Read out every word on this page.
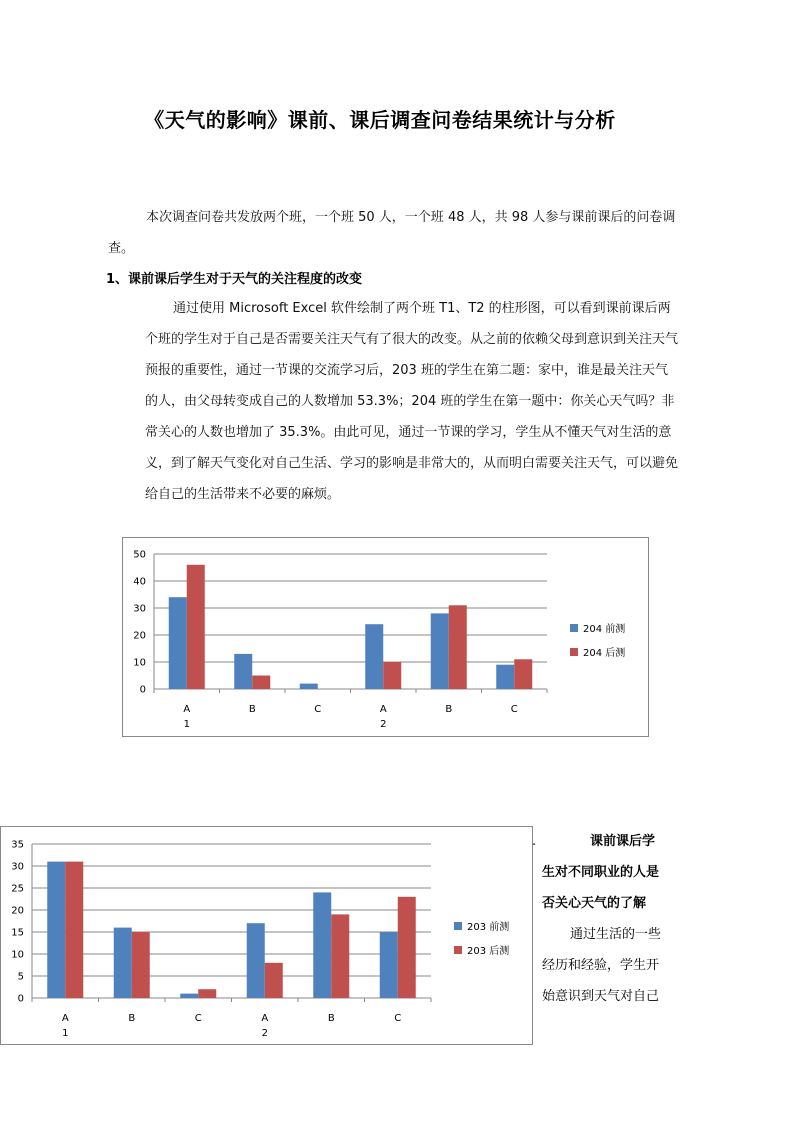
《天气的影响》课前、课后调查问卷结果统计与分析
本次调查问卷共发放两个班，一个班 50 人，一个班 48 人，共 98 人参与课前课后的问卷调查。
1、课前课后学生对于天气的关注程度的改变
通过使用 Microsoft Excel 软件绘制了两个班 T1、T2 的柱形图，可以看到课前课后两个班的学生对于自己是否需要关注天气有了很大的改变。从之前的依赖父母到意识到关注天气预报的重要性，通过一节课的交流学习后，203 班的学生在第二题：家中，谁是最关注天气的人，由父母转变成自己的人数增加 53.3%；204 班的学生在第一题中：你关心天气吗？非常关心的人数也增加了 35.3%。由此可见，通过一节课的学习，学生从不懂天气对生活的意义，到了解天气变化对自己生活、学习的影响是非常大的，从而明白需要关注天气，可以避免给自己的生活带来不必要的麻烦。
0
10
20
30
40
50
A	B	C	A	B	C
1	2
204 前测
204 后测
0
5
10
15
20
25
30
35
A	B	C	A	B	C
1	2
203 前测
203 后测
.	课前课后学
生对不同职业的人是
否关心天气的了解
通过生活的一些
经历和经验，学生开
始意识到天气对自己
